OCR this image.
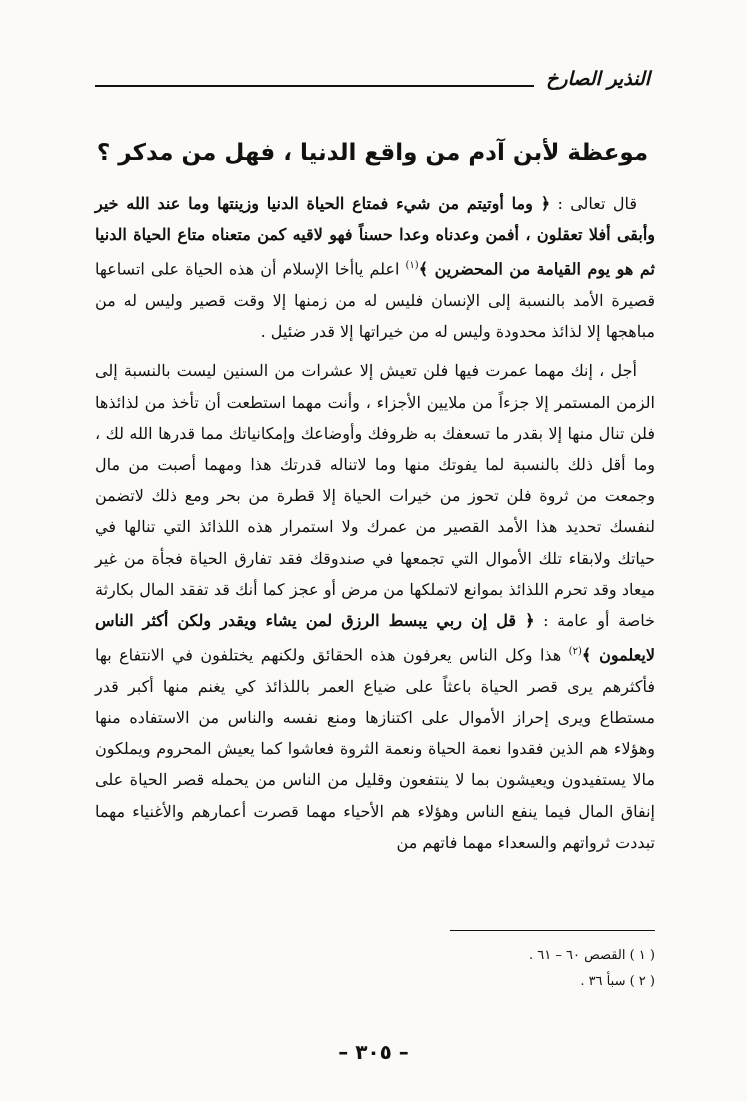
النذير الصارخ
موعظة لأبن آدم من واقع الدنيا ، فهل من مدكر ؟

قال تعالى : ﴿ وما أوتيتم من شيء فمتاع الحياة الدنيا وزينتها وما عند الله خير وأبقى أفلا تعقلون ، أفمن وعدناه وعدا حسناً فهو لاقيه كمن متعناه متاع الحياة الدنيا ثم هو يوم القيامة من المحضرين ﴾$^{(١)}$ اعلم ياأخا الإسلام أن هذه الحياة على اتساعها قصيرة الأمد بالنسبة إلى الإنسان فليس له من زمنها إلا وقت قصير وليس له من مباهجها إلا لذائذ محدودة وليس له من خيراتها إلا قدر ضئيل .

أجل ، إنك مهما عمرت فيها فلن تعيش إلا عشرات من السنين ليست بالنسبة إلى الزمن المستمر إلا جزءاً من ملايين الأجزاء ، وأنت مهما استطعت أن تأخذ من لذائذها فلن تنال منها إلا بقدر ما تسعفك به ظروفك وأوضاعك وإمكانياتك مما قدرها الله لك ، وما أقل ذلك بالنسبة لما يفوتك منها وما لاتناله قدرتك هذا ومهما أصبت من مال وجمعت من ثروة فلن تحوز من خيرات الحياة إلا قطرة من بحر ومع ذلك لاتضمن لنفسك تحديد هذا الأمد القصير من عمرك ولا استمرار هذه اللذائذ التي تنالها في حياتك ولابقاء تلك الأموال التي تجمعها في صندوقك فقد تفارق الحياة فجأة من غير ميعاد وقد تحرم اللذائذ بموانع لاتملكها من مرض أو عجز كما أنك قد تفقد المال بكارثة خاصة أو عامة : ﴿ قل إن ربي يبسط الرزق لمن يشاء ويقدر ولكن أكثر الناس لايعلمون ﴾$^{(٢)}$ هذا وكل الناس يعرفون هذه الحقائق ولكنهم يختلفون في الانتفاع بها فأكثرهم يرى قصر الحياة باعثاً على ضياع العمر باللذائذ كي يغنم منها أكبر قدر مستطاع ويرى إحراز الأموال على اكتنازها ومنع نفسه والناس من الاستفاده منها وهؤلاء هم الذين فقدوا نعمة الحياة ونعمة الثروة فعاشوا كما يعيش المحروم ويملكون مالا يستفيدون ويعيشون بما لا ينتفعون وقليل من الناس من يحمله قصر الحياة على إنفاق المال فيما ينفع الناس وهؤلاء هم الأحياء مهما قصرت أعمارهم والأغنياء مهما تبددت ثرواتهم والسعداء مهما فاتهم من

( ١ ) القصص ٦٠ – ٦١ .
( ٢ ) سبأ ٣٦ .
– ٣٠٥ –
